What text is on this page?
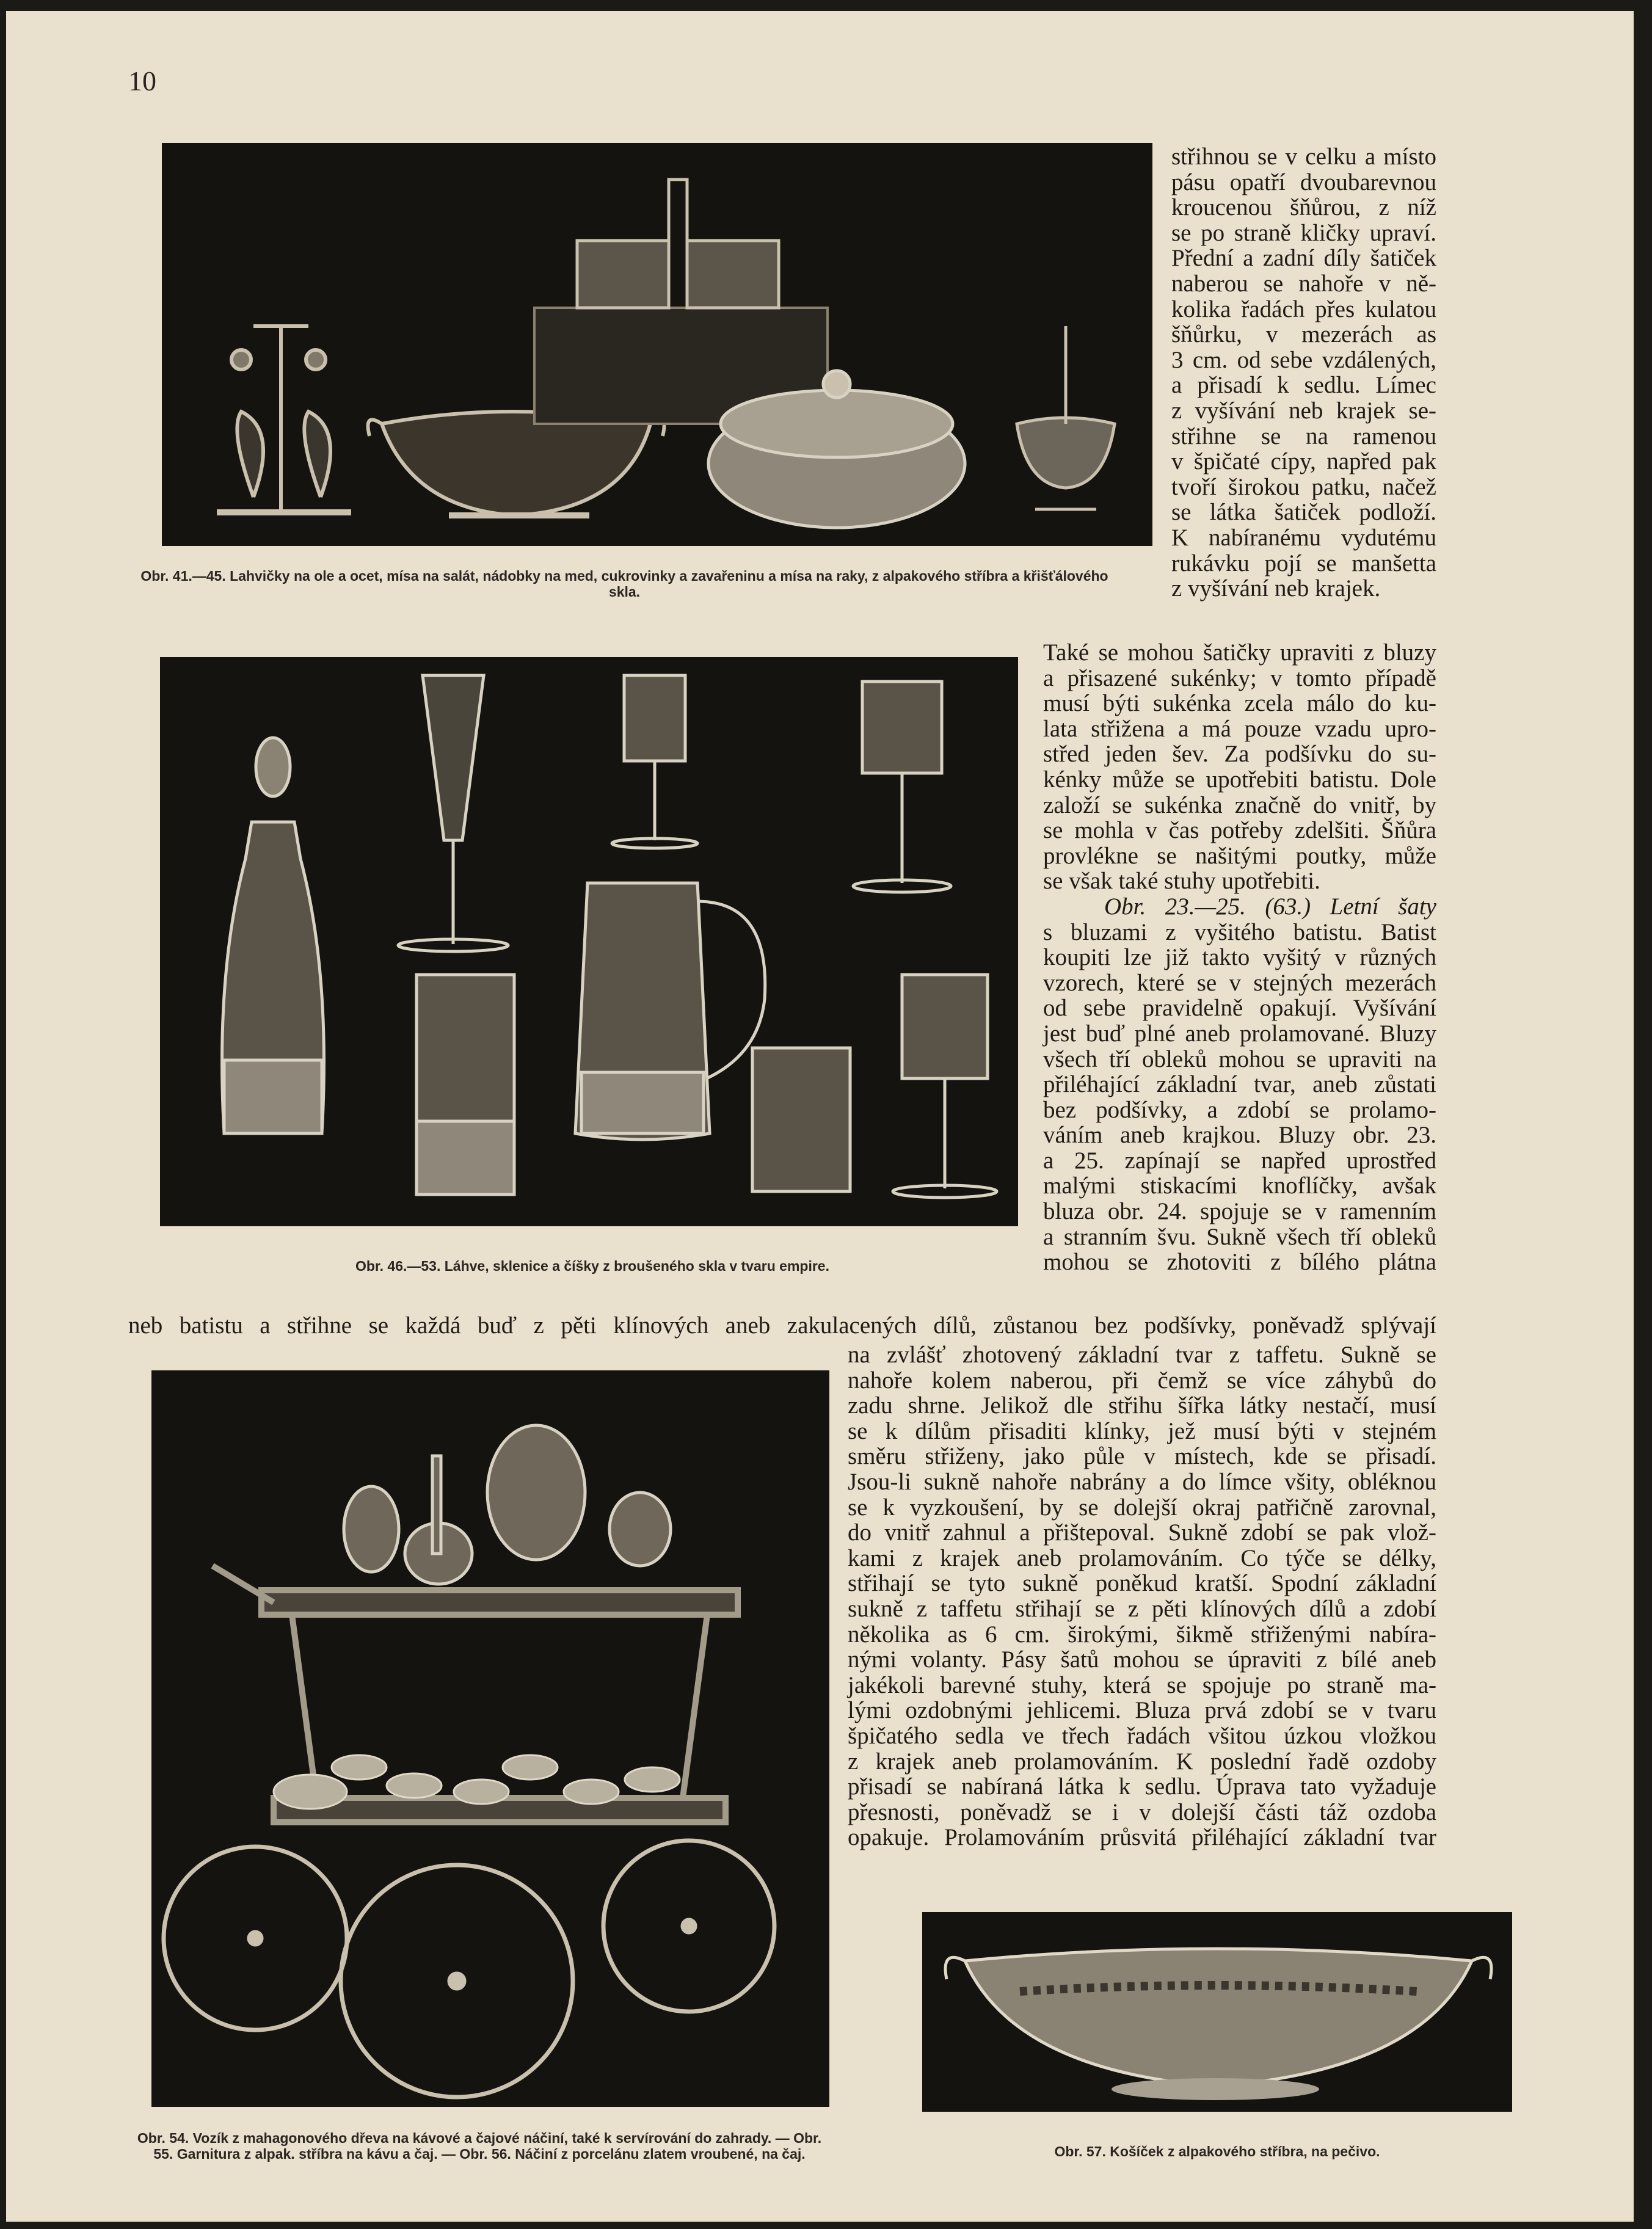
10
Obr. 41.—45. Lahvičky na ole a ocet, mísa na salát, nádobky na med, cukrovinky a zavařeninu a mísa na raky, z alpakového stříbra a křišťálového skla.
Obr. 46.—53. Láhve, sklenice a číšky z broušeného skla v tvaru empire.
Obr. 54. Vozík z mahagonového dřeva na kávové a čajové náčiní, také k servírování do zahrady. — Obr. 55. Garnitura z alpak. stříbra na kávu a čaj. — Obr. 56. Náčiní z porcelánu zlatem vroubené, na čaj.	Obr. 57. Košíček z alpakového stříbra, na pečivo.
střihnou se v celku a místo
pásu opatří dvoubarevnou
kroucenou šňůrou, z níž
se po straně kličky upraví.
Přední a zadní díly šatiček
naberou se nahoře v ně-
kolika řadách přes kulatou
šňůrku, v mezerách as
3 cm. od sebe vzdálených,
a přisadí k sedlu. Límec
z vyšívání neb krajek se-
střihne se na ramenou
v špičaté cípy, napřed pak
tvoří širokou patku, načež
se látka šatiček podloží.
K nabíranému vydutému
rukávku pojí se manšetta
z vyšívání neb krajek.
Také se mohou šatičky upraviti z bluzy
a přisazené sukénky; v tomto případě
musí býti sukénka zcela málo do ku-
lata střižena a má pouze vzadu upro-
střed jeden šev. Za podšívku do su-
kénky může se upotřebiti batistu. Dole
založí se sukénka značně do vnitř, by
se mohla v čas potřeby zdelšiti. Šňůra
provlékne se našitými poutky, může
se však také stuhy upotřebiti.
Obr. 23.—25. (63.) Letní šaty
s bluzami z vyšitého batistu. Batist
koupiti lze již takto vyšitý v různých
vzorech, které se v stejných mezerách
od sebe pravidelně opakují. Vyšívání
jest buď plné aneb prolamované. Bluzy
všech tří obleků mohou se upraviti na
přiléhající základní tvar, aneb zůstati
bez podšívky, a zdobí se prolamo-
váním aneb krajkou. Bluzy obr. 23.
a 25. zapínají se napřed uprostřed
malými stiskacími knoflíčky, avšak
bluza obr. 24. spojuje se v ramenním
a stranním švu. Sukně všech tří obleků
mohou se zhotoviti z bílého plátna
neb batistu a střihne se každá buď z pěti klínových aneb zakulacených dílů, zůstanou bez podšívky, poněvadž splývají
na zvlášť zhotovený základní tvar z taffetu. Sukně se
nahoře kolem naberou, při čemž se více záhybů do
zadu shrne. Jelikož dle střihu šířka látky nestačí, musí
se k dílům přisaditi klínky, jež musí býti v stejném
směru střiženy, jako půle v místech, kde se přisadí.
Jsou-li sukně nahoře nabrány a do límce všity, obléknou
se k vyzkoušení, by se dolejší okraj patřičně zarovnal,
do vnitř zahnul a přištepoval. Sukně zdobí se pak vlož-
kami z krajek aneb prolamováním. Co týče se délky,
střihají se tyto sukně poněkud kratší. Spodní základní
sukně z taffetu střihají se z pěti klínových dílů a zdobí
několika as 6 cm. širokými, šikmě střiženými nabíra-
nými volanty. Pásy šatů mohou se úpraviti z bílé aneb
jakékoli barevné stuhy, která se spojuje po straně ma-
lými ozdobnými jehlicemi. Bluza prvá zdobí se v tvaru
špičatého sedla ve třech řadách všitou úzkou vložkou
z krajek aneb prolamováním. K poslední řadě ozdoby
přisadí se nabíraná látka k sedlu. Úprava tato vyžaduje
přesnosti, poněvadž se i v dolejší části táž ozdoba
opakuje. Prolamováním průsvitá přiléhající základní tvar
